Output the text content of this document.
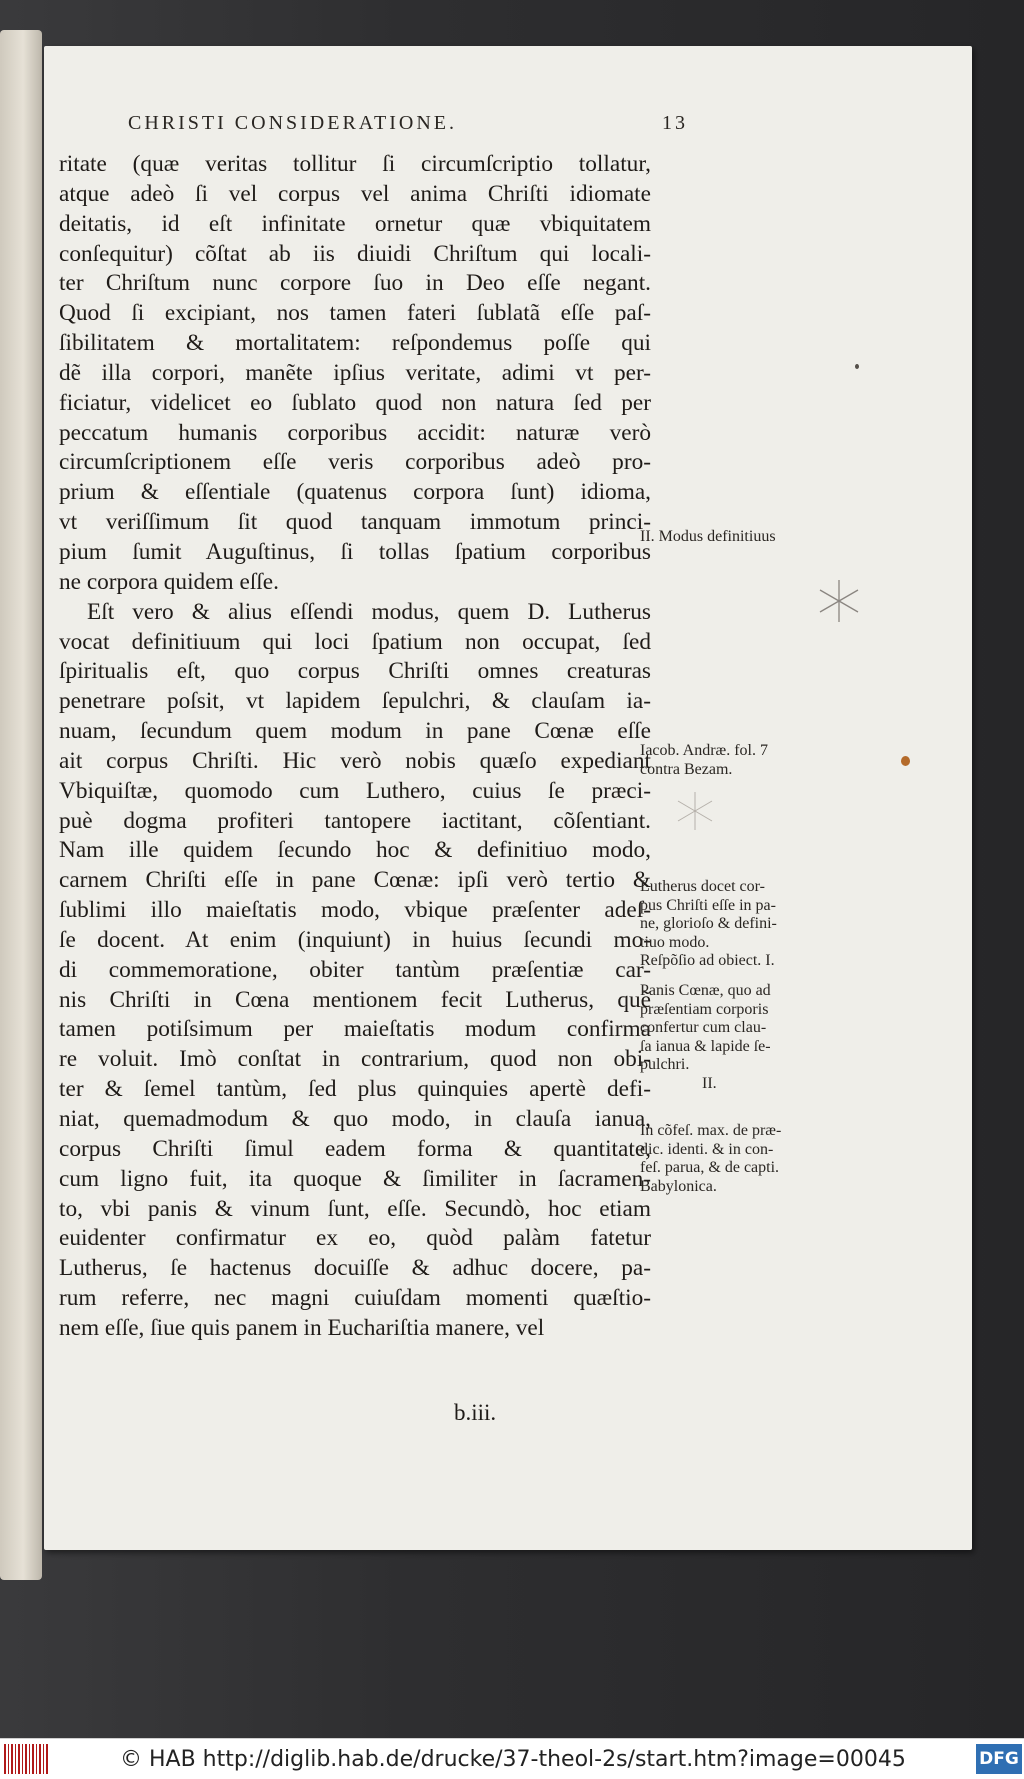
CHRISTI CONSIDERATIONE.	13
ritate (quæ veritas tollitur ſi circumſcriptio tollatur,
atque adeò ſi vel corpus vel anima Chriſti idiomate
deitatis, id eſt infinitate ornetur quæ vbiquitatem
conſequitur) cõſtat ab iis diuidi Chriſtum qui locali-
ter Chriſtum nunc corpore ſuo in Deo eſſe negant.
Quod ſi excipiant, nos tamen fateri ſublatã eſſe paſ-
ſibilitatem & mortalitatem: reſpondemus poſſe qui
dẽ illa corpori, manẽte ipſius veritate, adimi vt per-
ficiatur, videlicet eo ſublato quod non natura ſed per
peccatum humanis corporibus accidit: naturæ verò
circumſcriptionem eſſe veris corporibus adeò pro-
prium & eſſentiale (quatenus corpora ſunt) idioma,
vt veriſſimum ſit quod tanquam immotum princi-
pium ſumit Auguſtinus, ſi tollas ſpatium corporibus
ne corpora quidem eſſe.
Eſt vero & alius eſſendi modus, quem D. Lutherus
vocat definitiuum qui loci ſpatium non occupat, ſed
ſpiritualis eſt, quo corpus Chriſti omnes creaturas
penetrare poſsit, vt lapidem ſepulchri, & clauſam ia-
nuam, ſecundum quem modum in pane Cœnæ eſſe
ait corpus Chriſti. Hic verò nobis quæſo expediant
Vbiquiſtæ, quomodo cum Luthero, cuius ſe præci-
puè dogma profiteri tantopere iactitant, cõſentiant.
Nam ille quidem ſecundo hoc & definitiuo modo,
carnem Chriſti eſſe in pane Cœnæ: ipſi verò tertio &
ſublimi illo maieſtatis modo, vbique præſenter adeſ-
ſe docent. At enim (inquiunt) in huius ſecundi mo-
di commemoratione, obiter tantùm præſentiæ car-
nis Chriſti in Cœna mentionem fecit Lutherus, quẽ
tamen potiſsimum per maieſtatis modum confirma
re voluit. Imò conſtat in contrarium, quod non obi-
ter & ſemel tantùm, ſed plus quinquies apertè defi-
niat, quemadmodum & quo modo, in clauſa ianua,
corpus Chriſti ſimul eadem forma & quantitate,
cum ligno fuit, ita quoque & ſimiliter in ſacramen-
to, vbi panis & vinum ſunt, eſſe. Secundò, hoc etiam
euidenter confirmatur ex eo, quòd palàm fatetur
Lutherus, ſe hactenus docuiſſe & adhuc docere, pa-
rum referre, nec magni cuiuſdam momenti quæſtio-
nem eſſe, ſiue quis panem in Euchariſtia manere, vel
II. Modus definitiuus
Iacob. Andræ. fol. 7
contra Bezam.
Lutherus docet cor-
pus Chriſti eſſe in pa-
ne, glorioſo & defini-
tiuo modo.
Reſpõſio ad obiect. I.
Panis Cœnæ, quo ad
præſentiam corporis
confertur cum clau-
ſa ianua & lapide ſe-
pulchri.
II.
In cõfeſ. max. de præ-
dic. identi. & in con-
feſ. parua, & de capti.
Babylonica.
b.iii.
© HAB http://diglib.hab.de/drucke/37-theol-2s/start.htm?image=00045	DFG
